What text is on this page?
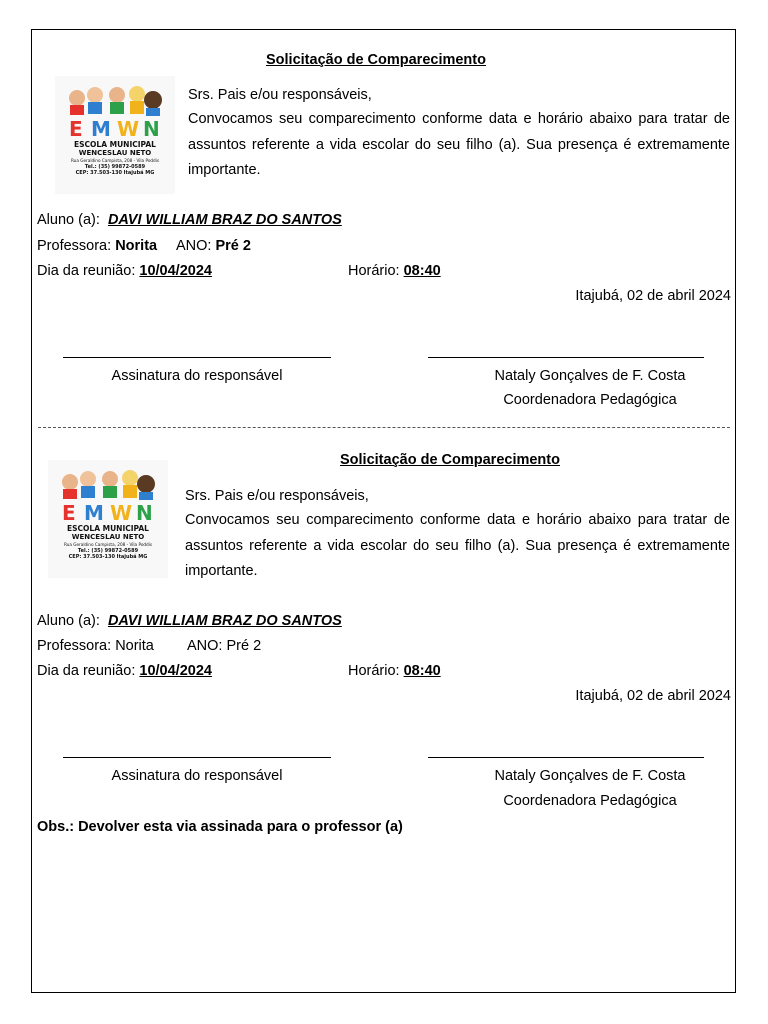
Solicitação de Comparecimento
E M W N
ESCOLA MUNICIPAL
WENCESLAU NETO
Rua Geraldino Campista, 208 - Vila Poddis
Tel.: (35) 99872-0589
CEP: 37.503-130 Itajubá MG
Srs. Pais e/ou responsáveis,
Convocamos seu comparecimento conforme data e horário abaixo para tratar de assuntos referente a vida escolar do seu filho (a). Sua presença é extremamente importante.
Aluno (a): DAVI WILLIAM BRAZ DO SANTOS
Professora: Norita ANO: Pré 2
Dia da reunião: 10/04/2024	Horário: 08:40
Itajubá, 02 de abril 2024
Assinatura do responsável	Nataly Gonçalves de F. Costa
Coordenadora Pedagógica
Solicitação de Comparecimento
E M W N
ESCOLA MUNICIPAL
WENCESLAU NETO
Rua Geraldino Campista, 208 - Vila Poddis
Tel.: (35) 99872-0589
CEP: 37.503-130 Itajubá MG
Srs. Pais e/ou responsáveis,
Convocamos seu comparecimento conforme data e horário abaixo para tratar de assuntos referente a vida escolar do seu filho (a). Sua presença é extremamente importante.
Aluno (a): DAVI WILLIAM BRAZ DO SANTOS
Professora: Norita ANO: Pré 2
Dia da reunião: 10/04/2024	Horário: 08:40
Itajubá, 02 de abril 2024
Assinatura do responsável	Nataly Gonçalves de F. Costa
Coordenadora Pedagógica
Obs.: Devolver esta via assinada para o professor (a)
